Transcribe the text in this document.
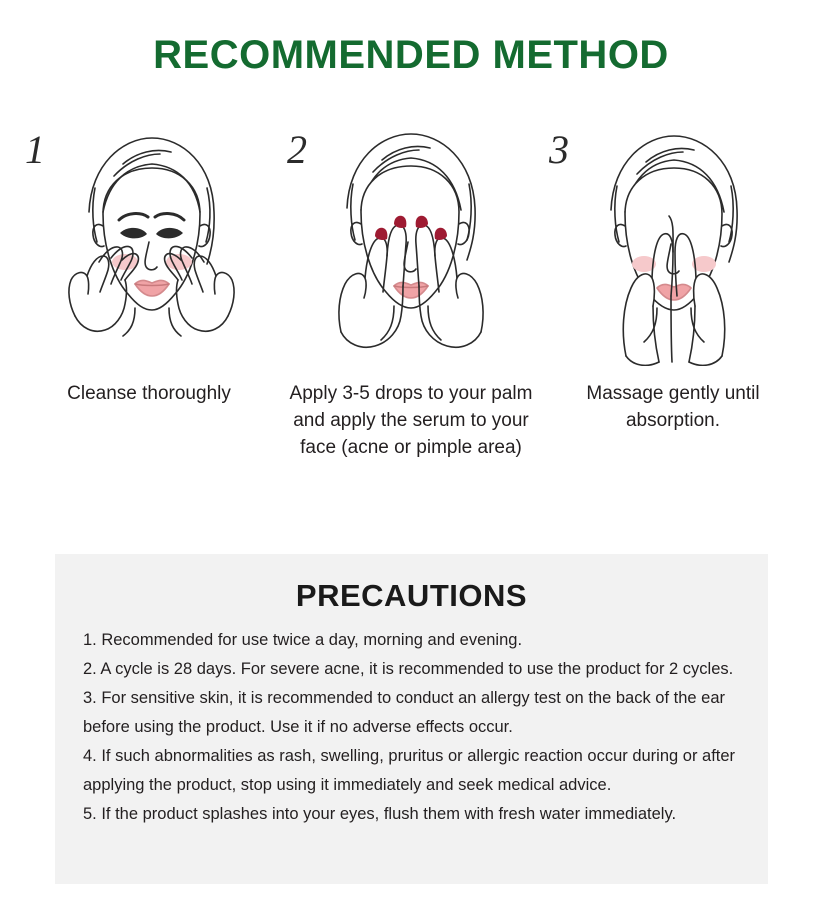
RECOMMENDED METHOD
1
Cleanse thoroughly
2
Apply 3-5 drops to your palm and apply the serum to your face (acne or pimple area)
3
Massage gently until absorption.
PRECAUTIONS
1. Recommended for use twice a day, morning and evening.
2. A cycle is 28 days. For severe acne, it is recommended to use the product for 2 cycles.
3. For sensitive skin, it is recommended to conduct an allergy test on the back of the ear before using the product. Use it if no adverse effects occur.
4. If such abnormalities as rash, swelling, pruritus or allergic reaction occur during or after applying the product, stop using it immediately and seek medical advice.
5. If the product splashes into your eyes, flush them with fresh water immediately.
